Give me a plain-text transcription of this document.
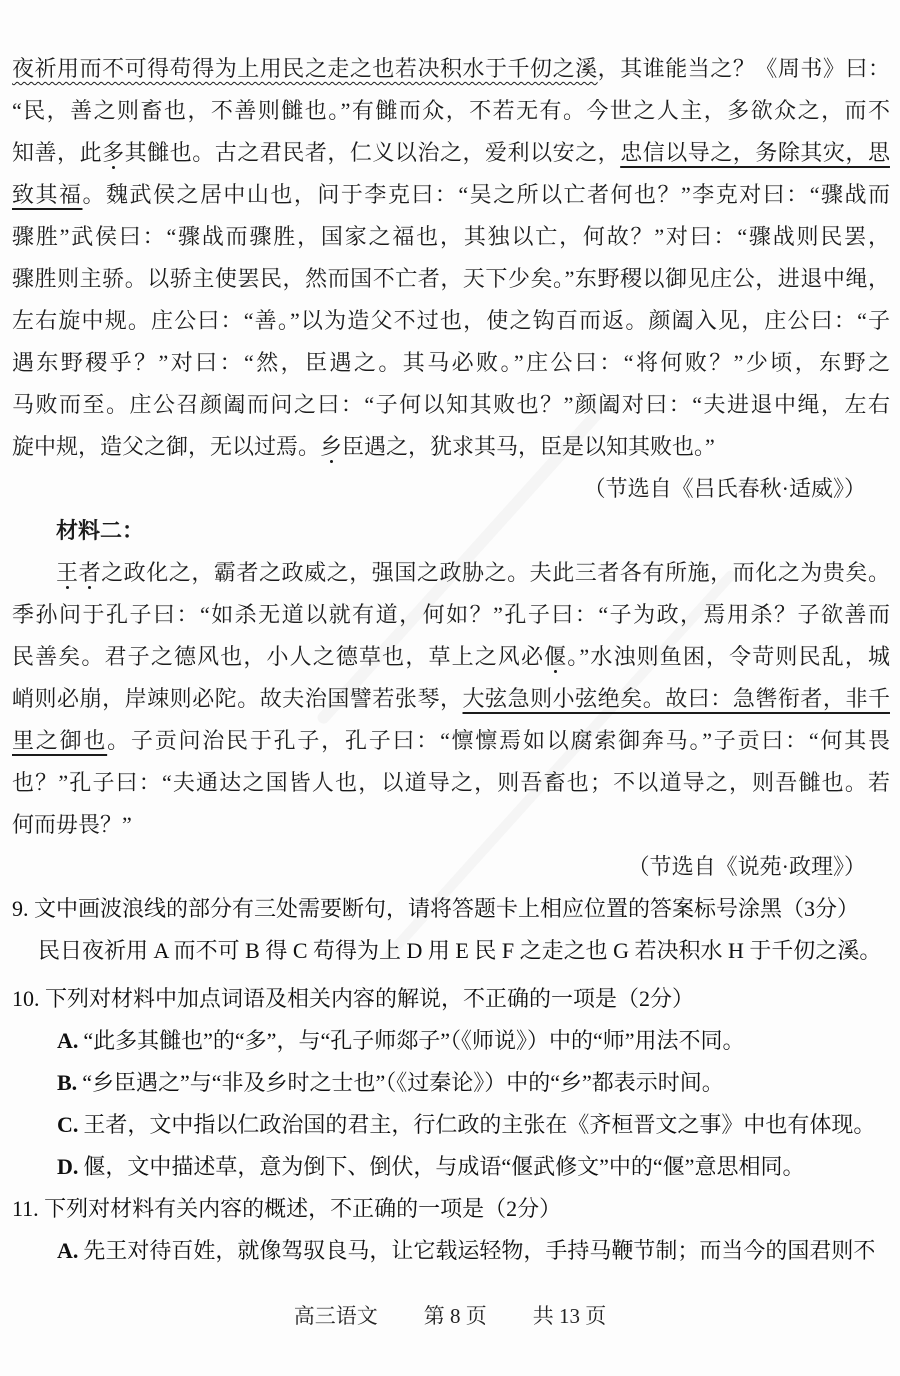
夜祈用而不可得苟得为上用民之走之也若决积水于千仞之溪，其谁能当之？《周书》曰：
“民，善之则畜也，不善则雠也。”有雠而众，不若无有。今世之人主，多欲众之，而不
知善，此多其雠也。古之君民者，仁义以治之，爱利以安之，忠信以导之，务除其灾，思
致其福。魏武侯之居中山也，问于李克曰：“吴之所以亡者何也？”李克对曰：“骤战而
骤胜”武侯曰：“骤战而骤胜，国家之福也，其独以亡，何故？”对曰：“骤战则民罢，
骤胜则主骄。以骄主使罢民，然而国不亡者，天下少矣。”东野稷以御见庄公，进退中绳，
左右旋中规。庄公曰：“善。”以为造父不过也，使之钩百而返。颜阖入见，庄公曰：“子
遇东野稷乎？”对曰：“然，臣遇之。其马必败。”庄公曰：“将何败？”少顷，东野之
马败而至。庄公召颜阖而问之曰：“子何以知其败也？”颜阖对曰：“夫进退中绳，左右
旋中规，造父之御，无以过焉。乡臣遇之，犹求其马，臣是以知其败也。”
（节选自《吕氏春秋·适威》）
材料二：
王者之政化之，霸者之政威之，强国之政胁之。夫此三者各有所施，而化之为贵矣。
季孙问于孔子曰：“如杀无道以就有道，何如？”孔子曰：“子为政，焉用杀？子欲善而
民善矣。君子之德风也，小人之德草也，草上之风必偃。”水浊则鱼困，令苛则民乱，城
峭则必崩，岸竦则必陀。故夫治国譬若张琴，大弦急则小弦绝矣。故曰：急辔衔者，非千
里之御也。子贡问治民于孔子，孔子曰：“懔懔焉如以腐索御奔马。”子贡曰：“何其畏
也？”孔子曰：“夫通达之国皆人也，以道导之，则吾畜也；不以道导之，则吾雠也。若
何而毋畏？”
（节选自《说苑·政理》）
9. 文中画波浪线的部分有三处需要断句，请将答题卡上相应位置的答案标号涂黑（3分）
民日夜祈用 A 而不可 B 得 C 苟得为上 D 用 E 民 F 之走之也 G 若决积水 H 于千仞之溪。
10. 下列对材料中加点词语及相关内容的解说，不正确的一项是（2分）
A. “此多其雠也”的“多”，与“孔子师郯子”（《师说》）中的“师”用法不同。
B. “乡臣遇之”与“非及乡时之士也”（《过秦论》）中的“乡”都表示时间。
C. 王者，文中指以仁政治国的君主，行仁政的主张在《齐桓晋文之事》中也有体现。
D. 偃，文中描述草，意为倒下、倒伏，与成语“偃武修文”中的“偃”意思相同。
11. 下列对材料有关内容的概述，不正确的一项是（2分）
A. 先王对待百姓，就像驾驭良马，让它载运轻物，手持马鞭节制；而当今的国君则不
高三语文 第 8 页 共 13 页
